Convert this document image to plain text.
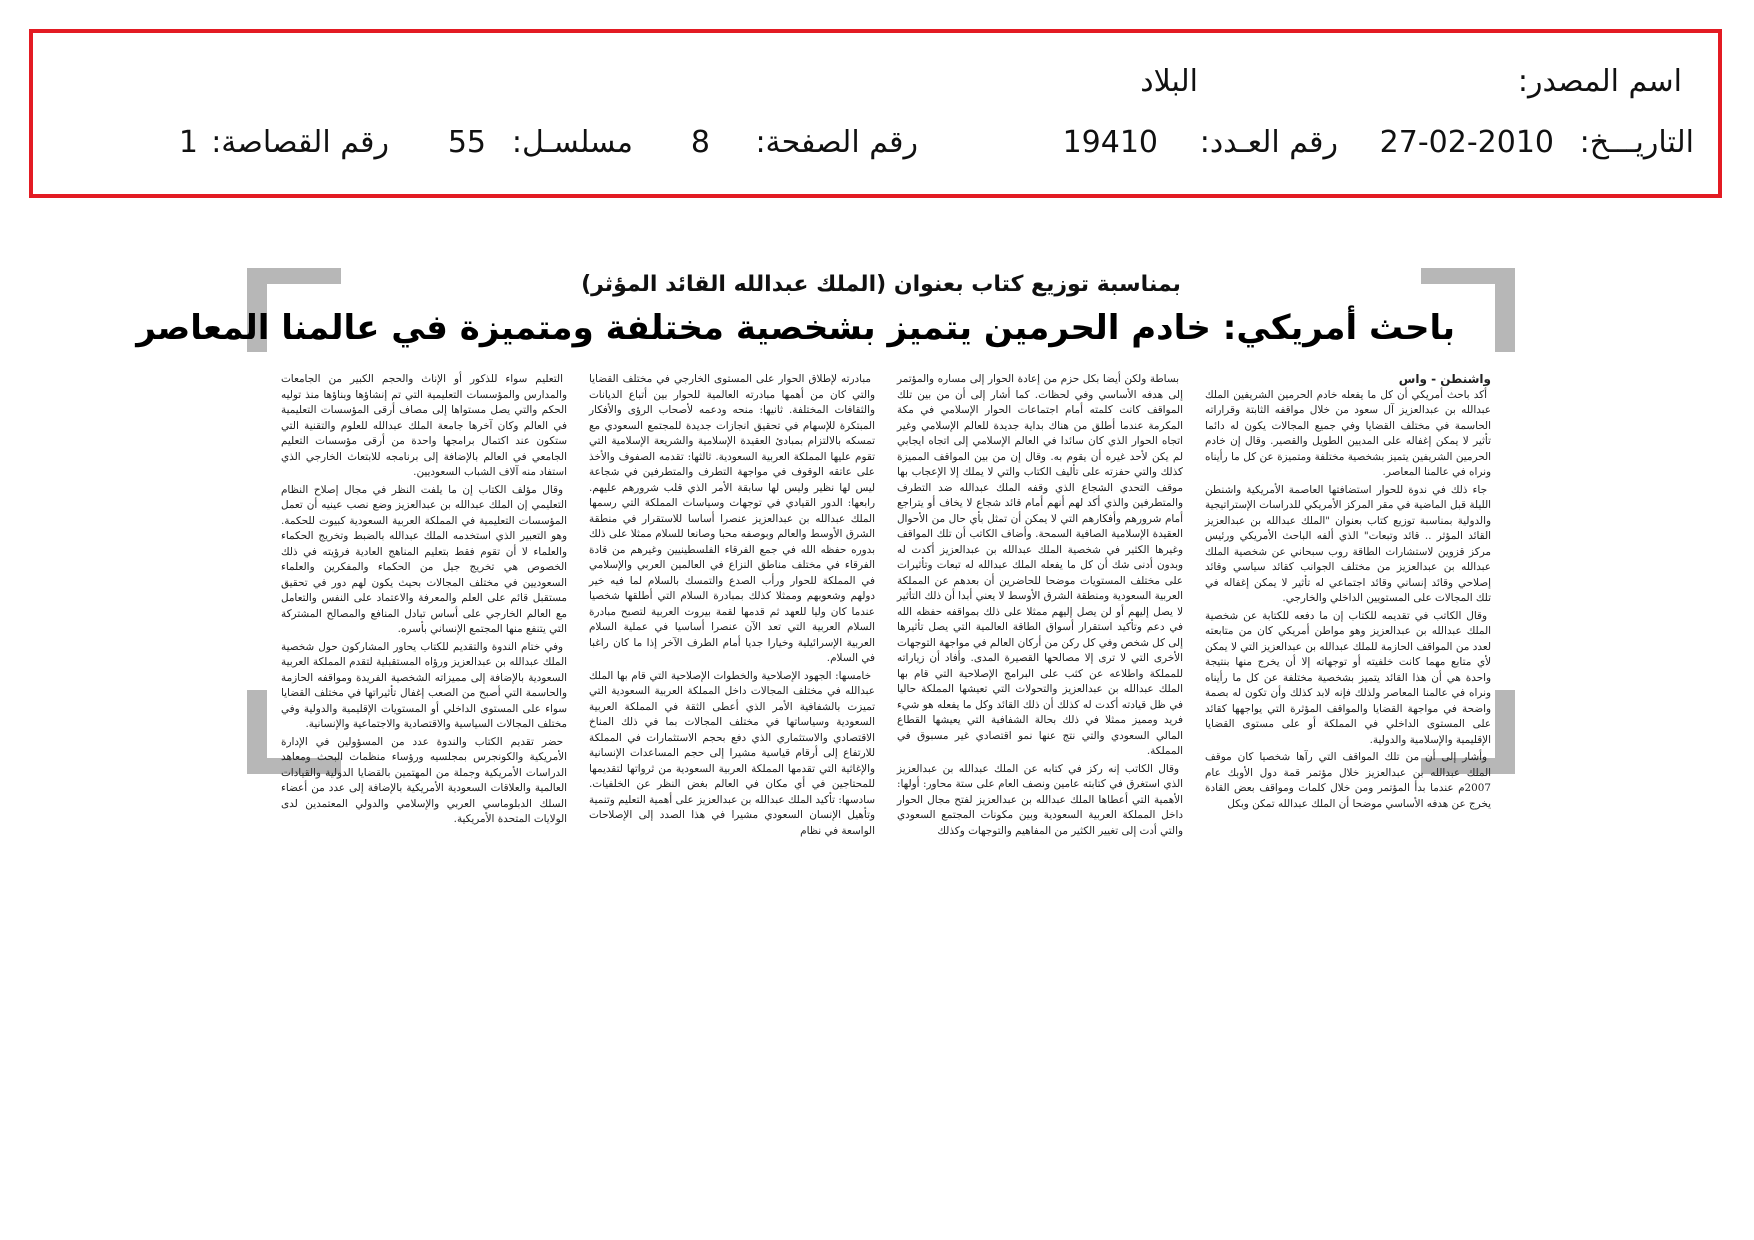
اسم المصدر:
البلاد
التاريـــخ:
27-02-2010
رقم العـدد:
19410
رقم الصفحة:
8
مسلسـل:
55
رقم القصاصة:
1
بمناسبة توزيع كتاب بعنوان (الملك عبدالله القائد المؤثر)
باحث أمريكي: خادم الحرمين يتميز بشخصية مختلفة ومتميزة في عالمنا المعاصر
واشنطن - واس

أكد باحث أمريكي أن كل ما يفعله خادم الحرمين الشريفين الملك عبدالله بن عبدالعزيز آل سعود من خلال مواقفه الثابتة وقراراته الحاسمة في مختلف القضايا وفي جميع المجالات يكون له دائما تأثير لا يمكن إغفاله على المديين الطويل والقصير. وقال إن خادم الحرمين الشريفين يتميز بشخصية مختلفة ومتميزة عن كل ما رأيناه ونراه في عالمنا المعاصر.

جاء ذلك في ندوة للحوار استضافتها العاصمة الأمريكية واشنطن الليلة قبل الماضية في مقر المركز الأمريكي للدراسات الإستراتيجية والدولية بمناسبة توزيع كتاب بعنوان "الملك عبدالله بن عبدالعزيز القائد المؤثر .. قائد وتبعات" الذي ألفه الباحث الأمريكي ورئيس مركز قزوين لاستشارات الطاقة روب سبحاني عن شخصية الملك عبدالله بن عبدالعزيز من مختلف الجوانب كقائد سياسي وقائد إصلاحي وقائد إنساني وقائد اجتماعي له تأثير لا يمكن إغفاله في تلك المجالات على المستويين الداخلي والخارجي.

وقال الكاتب في تقديمه للكتاب إن ما دفعه للكتابة عن شخصية الملك عبدالله بن عبدالعزيز وهو مواطن أمريكي كان من متابعته لعدد من المواقف الحازمة للملك عبدالله بن عبدالعزيز التي لا يمكن لأي متابع مهما كانت خلفيته أو توجهاته إلا أن يخرج منها بنتيجة واحدة هي أن هذا القائد يتميز بشخصية مختلفة عن كل ما رأيناه ونراه في عالمنا المعاصر ولذلك فإنه لابد كذلك وأن تكون له بصمة واضحة في مواجهة القضايا والمواقف المؤثرة التي يواجهها كقائد على المستوى الداخلي في المملكة أو على مستوى القضايا الإقليمية والإسلامية والدولية.

وأشار إلى أن من تلك المواقف التي رآها شخصيا كان موقف الملك عبدالله بن عبدالعزيز خلال مؤتمر قمة دول الأوبك عام 2007م عندما بدأ المؤتمر ومن خلال كلمات ومواقف بعض القادة يخرج عن هدفه الأساسي موضحا أن الملك عبدالله تمكن وبكل

بساطة ولكن أيضا بكل حزم من إعادة الحوار إلى مساره والمؤتمر إلى هدفه الأساسي وفي لحظات. كما أشار إلى أن من بين تلك المواقف كانت كلمته أمام اجتماعات الحوار الإسلامي في مكة المكرمة عندما أطلق من هناك بداية جديدة للعالم الإسلامي وغير اتجاه الحوار الذي كان سائدا في العالم الإسلامي إلى اتجاه ايجابي لم يكن لأحد غيره أن يقوم به. وقال إن من بين المواقف المميزة كذلك والتي حفزته على تأليف الكتاب والتي لا يملك إلا الإعجاب بها موقف التحدي الشجاع الذي وقفه الملك عبدالله ضد التطرف والمتطرفين والذي أكد لهم أنهم أمام قائد شجاع لا يخاف أو يتراجع أمام شرورهم وأفكارهم التي لا يمكن أن تمثل بأي حال من الأحوال العقيدة الإسلامية الصافية السمحة. وأضاف الكاتب أن تلك المواقف وغيرها الكثير في شخصية الملك عبدالله بن عبدالعزيز أكدت له وبدون أدنى شك أن كل ما يفعله الملك عبدالله له تبعات وتأثيرات على مختلف المستويات موضحا للحاضرين أن بعدهم عن المملكة العربية السعودية ومنطقة الشرق الأوسط لا يعني أبدا أن ذلك التأثير لا يصل إليهم أو لن يصل إليهم ممثلا على ذلك بمواقفه حفظه الله في دعم وتأكيد استقرار أسواق الطاقة العالمية التي يصل تأثيرها إلى كل شخص وفي كل ركن من أركان العالم في مواجهة التوجهات الأخرى التي لا ترى إلا مصالحها القصيرة المدى. وأفاد أن زياراته للمملكة واطلاعه عن كثب على البرامج الإصلاحية التي قام بها الملك عبدالله بن عبدالعزيز والتحولات التي تعيشها المملكة حاليا في ظل قيادته أكدت له كذلك أن ذلك القائد وكل ما يفعله هو شيء فريد ومميز ممثلا في ذلك بحالة الشفافية التي يعيشها القطاع المالي السعودي والتي نتج عنها نمو اقتصادي غير مسبوق في المملكة.

وقال الكاتب إنه ركز في كتابه عن الملك عبدالله بن عبدالعزيز الذي استغرق في كتابته عامين ونصف العام على ستة محاور: أولها: الأهمية التي أعطاها الملك عبدالله بن عبدالعزيز لفتح مجال الحوار داخل المملكة العربية السعودية وبين مكونات المجتمع السعودي والتي أدت إلى تغيير الكثير من المفاهيم والتوجهات وكذلك

مبادرته لإطلاق الحوار على المستوى الخارجي في مختلف القضايا والتي كان من أهمها مبادرته العالمية للحوار بين أتباع الديانات والثقافات المختلفة. ثانيها: منحه ودعمه لأصحاب الرؤى والأفكار المبتكرة للإسهام في تحقيق انجازات جديدة للمجتمع السعودي مع تمسكه بالالتزام بمبادئ العقيدة الإسلامية والشريعة الإسلامية التي تقوم عليها المملكة العربية السعودية. ثالثها: تقدمه الصفوف والأخذ على عاتقه الوقوف في مواجهة التطرف والمتطرفين في شجاعة ليس لها نظير وليس لها سابقة الأمر الذي قلب شرورهم عليهم. رابعها: الدور القيادي في توجهات وسياسات المملكة التي رسمها الملك عبدالله بن عبدالعزيز عنصرا أساسا للاستقرار في منطقة الشرق الأوسط والعالم وبوصفه محبا وصانعا للسلام ممثلا على ذلك بدوره حفظه الله في جمع الفرقاء الفلسطينيين وغيرهم من قادة الفرقاء في مختلف مناطق النزاع في العالمين العربي والإسلامي في المملكة للحوار ورأب الصدع والتمسك بالسلام لما فيه خير دولهم وشعوبهم وممثلا كذلك بمبادرة السلام التي أطلقها شخصيا عندما كان وليا للعهد ثم قدمها لقمة بيروت العربية لتصبح مبادرة السلام العربية التي تعد الآن عنصرا أساسيا في عملية السلام العربية الإسرائيلية وخيارا جديا أمام الطرف الآخر إذا ما كان راغبا في السلام.

خامسها: الجهود الإصلاحية والخطوات الإصلاحية التي قام بها الملك عبدالله في مختلف المجالات داخل المملكة العربية السعودية التي تميزت بالشفافية الأمر الذي أعطى الثقة في المملكة العربية السعودية وسياساتها في مختلف المجالات بما في ذلك المناخ الاقتصادي والاستثماري الذي دفع بحجم الاستثمارات في المملكة للارتفاع إلى أرقام قياسية مشيرا إلى حجم المساعدات الإنسانية والإغاثية التي تقدمها المملكة العربية السعودية من ثرواتها لتقديمها للمحتاجين في أي مكان في العالم بغض النظر عن الخلفيات. سادسها: تأكيد الملك عبدالله بن عبدالعزيز على أهمية التعليم وتنمية وتأهيل الإنسان السعودي مشيرا في هذا الصدد إلى الإصلاحات الواسعة في نظام

التعليم سواء للذكور أو الإناث والحجم الكبير من الجامعات والمدارس والمؤسسات التعليمية التي تم إنشاؤها وبناؤها منذ توليه الحكم والتي يصل مستواها إلى مصاف أرقى المؤسسات التعليمية في العالم وكان آخرها جامعة الملك عبدالله للعلوم والتقنية التي ستكون عند اكتمال برامجها واحدة من أرقى مؤسسات التعليم الجامعي في العالم بالإضافة إلى برنامجه للابتعاث الخارجي الذي استفاد منه آلاف الشباب السعوديين.

وقال مؤلف الكتاب إن ما يلفت النظر في مجال إصلاح النظام التعليمي إن الملك عبدالله بن عبدالعزيز وضع نصب عينيه أن تعمل المؤسسات التعليمية في المملكة العربية السعودية كبيوت للحكمة. وهو التعبير الذي استخدمه الملك عبدالله بالضبط وتخريج الحكماء والعلماء لا أن تقوم فقط بتعليم المناهج العادية فرؤيته في ذلك الخصوص هي تخريج جيل من الحكماء والمفكرين والعلماء السعوديين في مختلف المجالات بحيث يكون لهم دور في تحقيق مستقبل قائم على العلم والمعرفة والاعتماد على النفس والتعامل مع العالم الخارجي على أساس تبادل المنافع والمصالح المشتركة التي يتنفع منها المجتمع الإنساني بأسره.

وفي ختام الندوة والتقديم للكتاب يحاور المشاركون حول شخصية الملك عبدالله بن عبدالعزيز ورؤاه المستقبلية لتقدم المملكة العربية السعودية بالإضافة إلى مميزاته الشخصية الفريدة ومواقفه الحازمة والحاسمة التي أصبح من الصعب إغفال تأثيراتها في مختلف القضايا سواء على المستوى الداخلي أو المستويات الإقليمية والدولية وفي مختلف المجالات السياسية والاقتصادية والاجتماعية والإنسانية.

حضر تقديم الكتاب والندوة عدد من المسؤولين في الإدارة الأمريكية والكونجرس بمجلسيه ورؤساء منظمات البحث ومعاهد الدراسات الأمريكية وجملة من المهتمين بالقضايا الدولية والقيادات العالمية والعلاقات السعودية الأمريكية بالإضافة إلى عدد من أعضاء السلك الدبلوماسي العربي والإسلامي والدولي المعتمدين لدى الولايات المتحدة الأمريكية.
